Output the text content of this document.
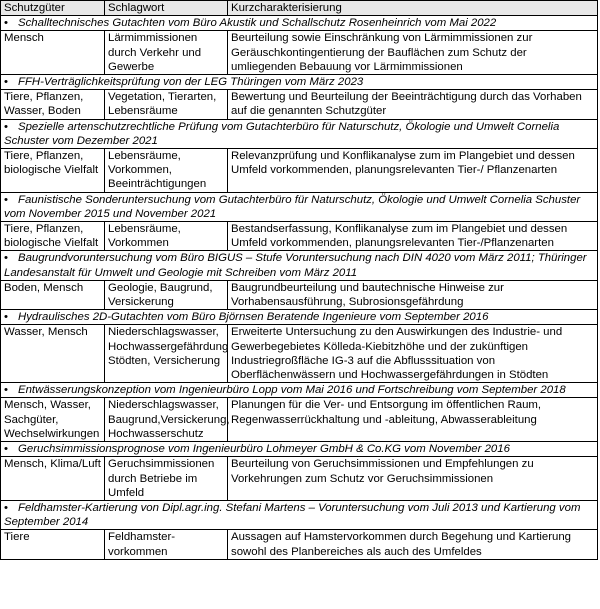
Schutzgüter	Schlagwort	Kurzcharakterisierung
• Schalltechnisches Gutachten vom Büro Akustik und Schallschutz Rosenheinrich vom Mai 2022		
Mensch	Lärmimmissionen durch Verkehr und Gewerbe	Beurteilung sowie Einschränkung von Lärmimmissionen zur Geräuschkontingentierung der Bauflächen zum Schutz der umliegenden Bebauung vor Lärmimmissionen
• FFH-Verträglichkeitsprüfung von der LEG Thüringen vom März 2023		
Tiere, Pflanzen, Wasser, Boden	Vegetation, Tierarten, Lebensräume	Bewertung und Beurteilung der Beeinträchtigung durch das Vorhaben auf die genannten Schutzgüter
• Spezielle artenschutzrechtliche Prüfung vom Gutachterbüro für Naturschutz, Ökologie und Umwelt Cornelia Schuster vom Dezember 2021		
Tiere, Pflanzen, biologische Vielfalt	Lebensräume, Vorkommen, Beeinträchtigungen	Relevanzprüfung und Konflikanalyse zum im Plangebiet und dessen Umfeld vorkommenden, planungsrelevanten Tier-/ Pflanzenarten
• Faunistische Sonderuntersuchung vom Gutachterbüro für Naturschutz, Ökologie und Umwelt Cornelia Schuster vom November 2015 und November 2021		
Tiere, Pflanzen, biologische Vielfalt	Lebensräume, Vorkommen	Bestandserfassung, Konflikanalyse zum im Plangebiet und dessen Umfeld vorkommenden, planungsrelevanten Tier-/Pflanzenarten
• Baugrundvoruntersuchung vom Büro BIGUS – Stufe Voruntersuchung nach DIN 4020 vom März 2011; Thüringer Landesanstalt für Umwelt und Geologie mit Schreiben vom März 2011		
Boden, Mensch	Geologie, Baugrund, Versickerung	Baugrundbeurteilung und bautechnische Hinweise zur Vorhabensausführung, Subrosionsgefährdung
• Hydraulisches 2D-Gutachten vom Büro Björnsen Beratende Ingenieure vom September 2016		
Wasser, Mensch	Niederschlagswasser, Hochwassergefährdung Stödten, Versicherung	Erweiterte Untersuchung zu den Auswirkungen des Industrie- und Gewerbegebietes Kölleda-Kiebitzhöhe und der zukünftigen Industriegroßfläche IG-3 auf die Abflusssituation von Oberflächenwässern und Hochwassergefährdungen in Stödten
• Entwässerungskonzeption vom Ingenieurbüro Lopp vom Mai 2016 und Fortschreibung vom September 2018		
Mensch, Wasser, Sachgüter, Wechselwirkungen	Niederschlagswasser, Baugrund,Versickerung, Hochwasserschutz	Planungen für die Ver- und Entsorgung im öffentlichen Raum, Regenwasserrückhaltung und -ableitung, Abwasserableitung
• Geruchsimmissionsprognose vom Ingenieurbüro Lohmeyer GmbH & Co.KG vom November 2016		
Mensch, Klima/Luft	Geruchsimmissionen durch Betriebe im Umfeld	Beurteilung von Geruchsimmissionen und Empfehlungen zu Vorkehrungen zum Schutz vor Geruchsimmissionen
• Feldhamster-Kartierung von Dipl.agr.ing. Stefani Martens – Voruntersuchung vom Juli 2013 und Kartierung vom September 2014		
Tiere	Feldhamster-vorkommen	Aussagen auf Hamstervorkommen durch Begehung und Kartierung sowohl des Planbereiches als auch des Umfeldes
